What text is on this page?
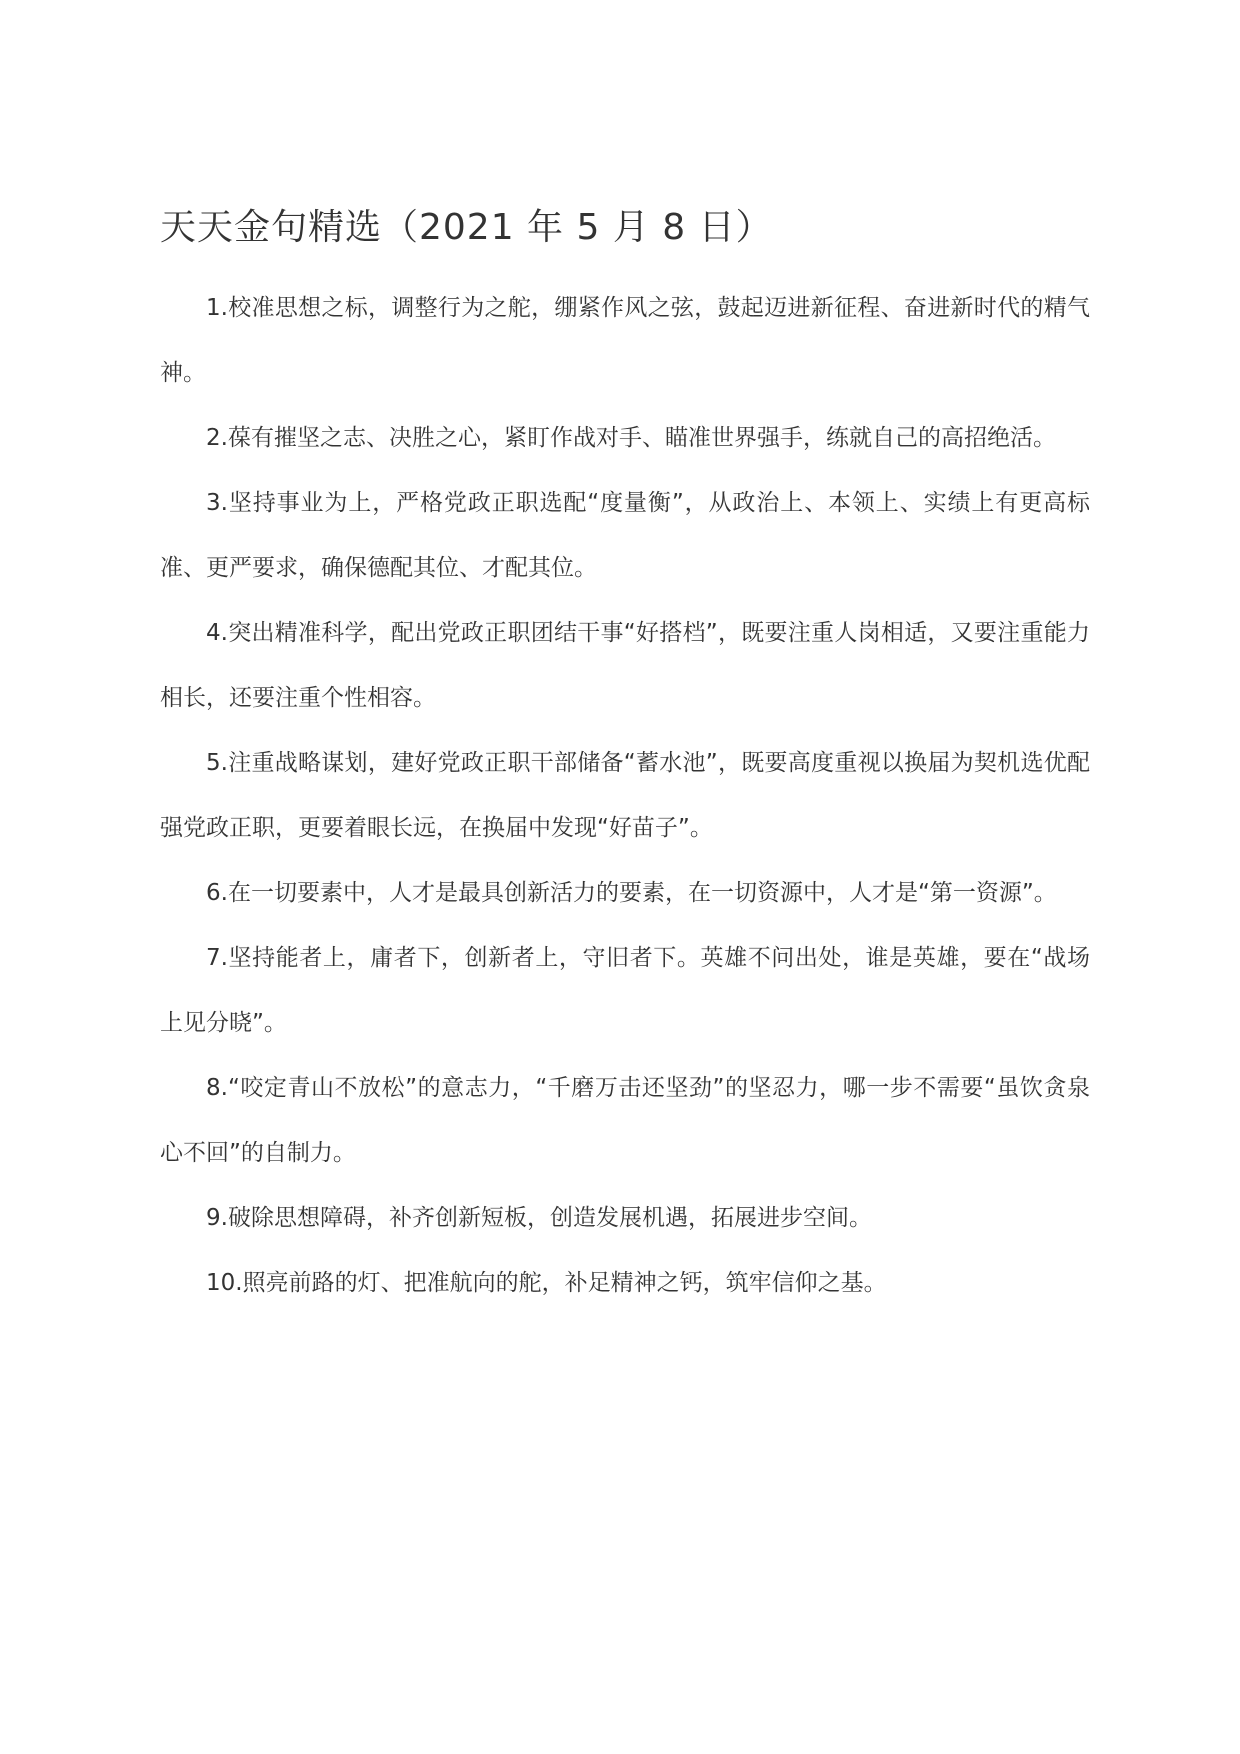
天天金句精选（2021 年 5 月 8 日）

1.校准思想之标，调整行为之舵，绷紧作风之弦，鼓起迈进新征程、奋进新时代的精气神。

2.葆有摧坚之志、决胜之心，紧盯作战对手、瞄准世界强手，练就自己的高招绝活。

3.坚持事业为上，严格党政正职选配“度量衡”，从政治上、本领上、实绩上有更高标准、更严要求，确保德配其位、才配其位。

4.突出精准科学，配出党政正职团结干事“好搭档”，既要注重人岗相适，又要注重能力相长，还要注重个性相容。

5.注重战略谋划，建好党政正职干部储备“蓄水池”，既要高度重视以换届为契机选优配强党政正职，更要着眼长远，在换届中发现“好苗子”。

6.在一切要素中，人才是最具创新活力的要素，在一切资源中，人才是“第一资源”。

7.坚持能者上，庸者下，创新者上，守旧者下。英雄不问出处，谁是英雄，要在“战场上见分晓”。

8.“咬定青山不放松”的意志力，“千磨万击还坚劲”的坚忍力，哪一步不需要“虽饮贪泉心不回”的自制力。

9.破除思想障碍，补齐创新短板，创造发展机遇，拓展进步空间。

10.照亮前路的灯、把准航向的舵，补足精神之钙，筑牢信仰之基。
